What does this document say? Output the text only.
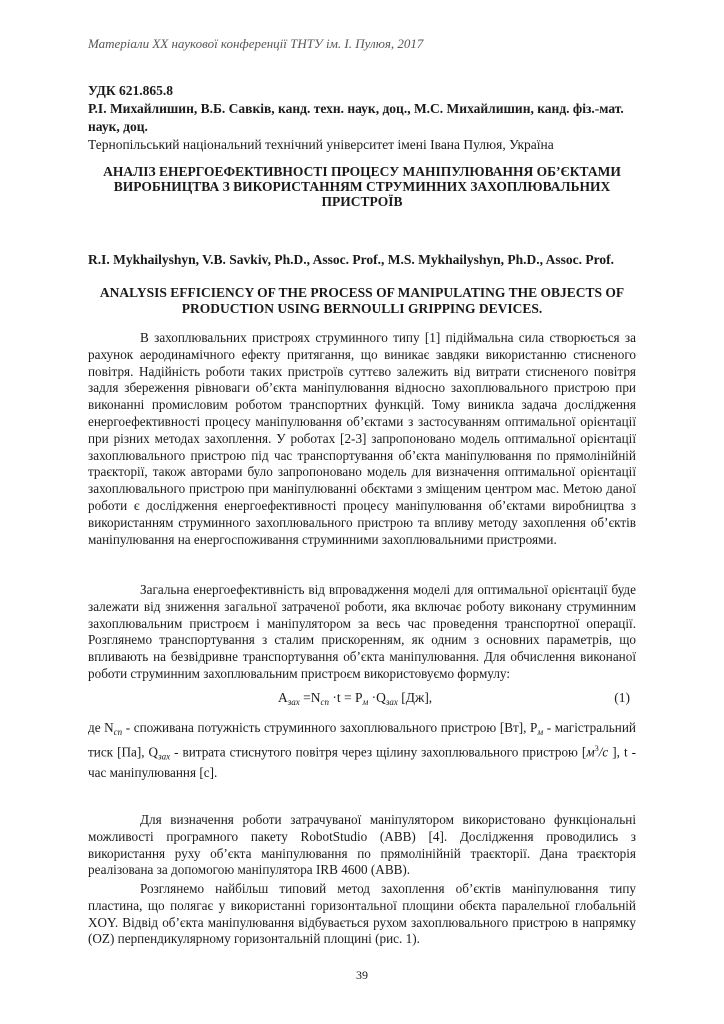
Матеріали ХХ наукової конференції ТНТУ ім. І. Пулюя, 2017
УДК 621.865.8
Р.І. Михайлишин, В.Б. Савків, канд. техн. наук, доц., М.С. Михайлишин, канд. фіз.-мат. наук, доц.
Тернопільський національний технічний університет імені Івана Пулюя, Україна
АНАЛІЗ ЕНЕРГОЕФЕКТИВНОСТІ ПРОЦЕСУ МАНІПУЛЮВАННЯ ОБ’ЄКТАМИ ВИРОБНИЦТВА З ВИКОРИСТАННЯМ СТРУМИННИХ ЗАХОПЛЮВАЛЬНИХ ПРИСТРОЇВ
R.I. Mykhailyshyn, V.B. Savkiv, Ph.D., Assoc. Prof., M.S. Mykhailyshyn, Ph.D., Assoc. Prof.
ANALYSIS EFFICIENCY OF THE PROCESS OF MANIPULATING THE OBJECTS OF PRODUCTION USING BERNOULLI GRIPPING DEVICES.
В захоплювальних пристроях струминного типу [1] підіймальна сила створюється за рахунок аеродинамічного ефекту притягання, що виникає завдяки використанню стисненого повітря. Надійність роботи таких пристроїв суттєво залежить від витрати стисненого повітря задля збереження рівноваги об’єкта маніпулювання відносно захоплювального пристрою при виконанні промисловим роботом транспортних функцій. Тому виникла задача дослідження енергоефективності процесу маніпулювання об’єктами з застосуванням оптимальної орієнтації при різних методах захоплення. У роботах [2-3] запропоновано модель оптимальної орієнтації захоплювального пристрою під час транспортування об’єкта маніпулювання по прямолінійній траєкторії, також авторами було запропоновано модель для визначення оптимальної орієнтації захоплювального пристрою при маніпулюванні обєктами з зміщеним центром мас. Метою даної роботи є дослідження енергоефективності процесу маніпулювання об’єктами виробництва з використанням струминного захоплювального пристрою та впливу методу захоплення об’єктів маніпулювання на енергоспоживання струминними захоплювальними пристроями.
Загальна енергоефективність від впровадження моделі для оптимальної орієнтації буде залежати від зниження загальної затраченої роботи, яка включає роботу виконану струминним захоплювальним пристроєм і маніпулятором за весь час проведення транспортної операції. Розглянемо транспортування з сталим прискоренням, як одним з основних параметрів, що впливають на безвідривне транспортування об’єкта маніпулювання. Для обчислення виконаної роботи струминним захоплювальним пристроєм використовуємо формулу:
$A_{заx} =N_{сп} \cdot t = P_м \cdot Q_{заx}$ [Дж],	(1)
де $N_{сп}$ - споживана потужність струминного захоплювального пристрою [Вт], $P_м$ - магістральний тиск [Па], $Q_{зах}$ - витрата стиснутого повітря через щілину захоплювального пристрою [$м^3/с$ ], t - час маніпулювання [с].
Для визначення роботи затрачуваної маніпулятором використовано функціональні можливості програмного пакету RobotStudio (ABB) [4]. Дослідження проводились з використання руху об’єкта маніпулювання по прямолінійній траєкторії. Дана траєкторія реалізована за допомогою маніпулятора IRB 4600 (ABB).
Розглянемо найбільш типовий метод захоплення об’єктів маніпулювання типу пластина, що полягає у використанні горизонтальної площини обєкта паралельної глобальній XOY. Відвід об’єкта маніпулювання відбувається рухом захоплювального пристрою в напрямку (OZ) перпендикулярному горизонтальній площині (рис. 1).
39
